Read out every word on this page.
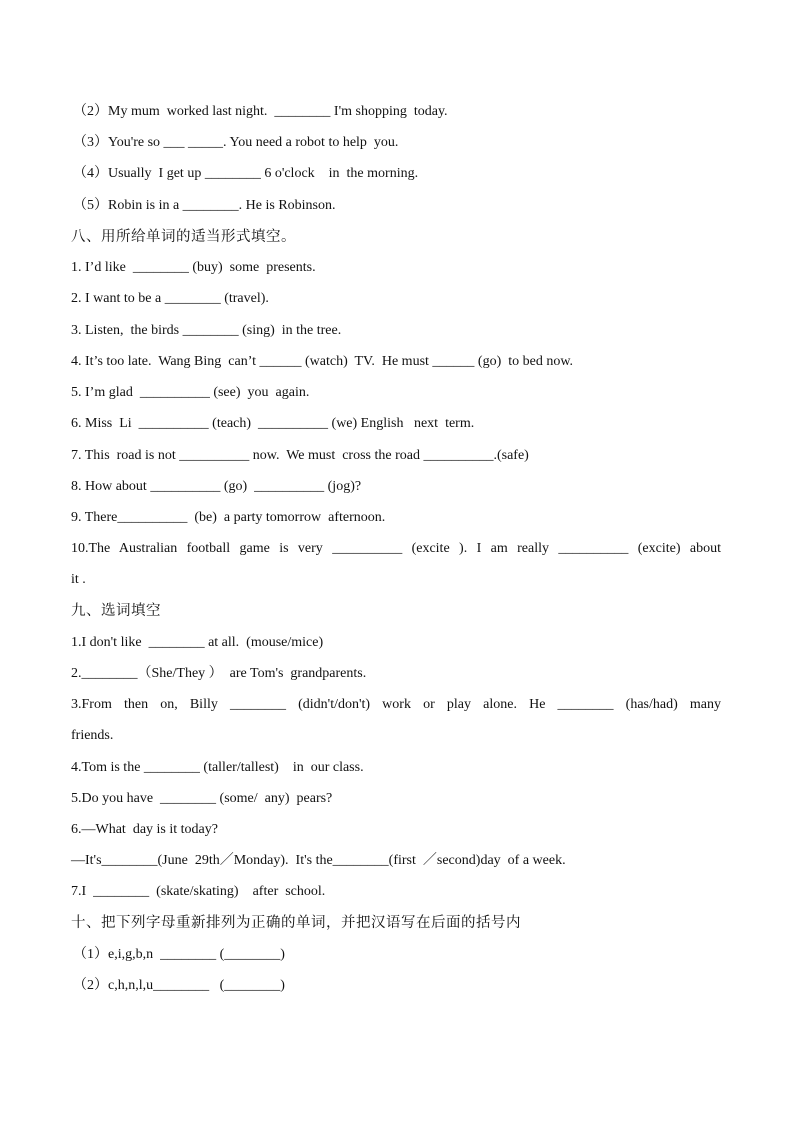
（2）My mum  worked last night.  ________ I'm shopping  today.
（3）You're so ___ _____. You need a robot to help  you.
（4）Usually  I get up ________ 6 o'clock    in  the morning.
（5）Robin is in a ________. He is Robinson.
八、用所给单词的适当形式填空。
1. I’d like  ________ (buy)  some  presents.
2. I want to be a ________ (travel).
3. Listen,  the birds ________ (sing)  in the tree.
4. It’s too late.  Wang Bing  can’t ______ (watch)  TV.  He must ______ (go)  to bed now.
5. I’m glad  __________ (see)  you  again.
6. Miss  Li  __________ (teach)  __________ (we) English   next  term.
7. This  road is not __________ now.  We must  cross the road __________.(safe)
8. How about __________ (go)  __________ (jog)?
9. There__________  (be)  a party tomorrow  afternoon.
10.The Australian football game is very __________ (excite ). I am really __________ (excite) about
it .
九、选词填空
1.I don't like  ________ at all.  (mouse/mice)
2.________（She/They ）  are Tom's  grandparents.
3.From then on, Billy ________ (didn't/don't) work or play alone. He ________ (has/had) many
friends.
4.Tom is the ________ (taller/tallest)    in  our class.
5.Do you have  ________ (some/  any)  pears?
6.—What  day is it today?
—It's________(June  29th／Monday).  It's the________(first  ／second)day  of a week.
7.I  ________  (skate/skating)    after  school.
十、把下列字母重新排列为正确的单词，并把汉语写在后面的括号内
（1）e,i,g,b,n  ________ (________)
（2）c,h,n,l,u________   (________)
